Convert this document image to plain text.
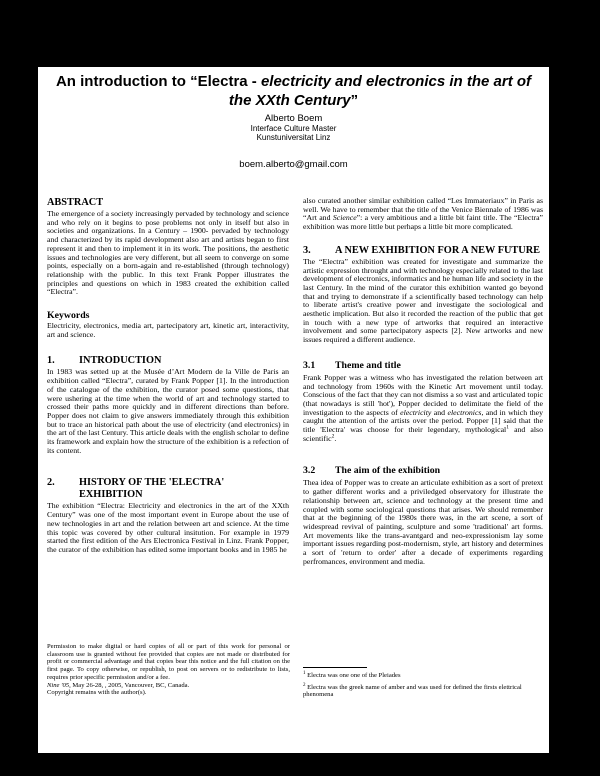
An introduction to “Electra - electricity and electronics in the art of the XXth Century”
Alberto Boem
Interface Culture Master
Kunstuniversitat Linz
boem.alberto@gmail.com
ABSTRACT

The emergence of a society increasingly pervaded by technology and science and who rely on it begins to pose problems not only in itself but also in societies and organizations. In a Century – 1900- pervaded by technology and characterized by its rapid development also art and artists began to first represent it and then to implement it in its work. The positions, the aesthetic issues and technologies are very different, but all seem to converge on some points, especially on a born-again and re-established (through technology) relationship with the public. In this text Frank Popper illustrates the principles and questions on which in 1983 created the exhibition called “Electra”.

Keywords

Electricity, electronics, media art, partecipatory art, kinetic art, interactivity, art and science.

1.	INTRODUCTION

In 1983 was setted up at the Musée d’Art Modern de la Ville de Paris an exhibition called “Electra”, curated by Frank Popper [1]. In the introduction of the catalogue of the exhibition, the curator posed some questions, that were ushering at the time when the world of art and technology started to crossed their paths more quickly and in different directions than before. Popper does not claim to give answers immediately through this exhibition but to trace an historical path about the use of electricity (and electronics) in the art of the last Century. This article deals with the english scholar to define its framework and explain how the structure of the exhibition is a refection of its content.

2.	HISTORY OF THE 'ELECTRA' EXHIBITION

The exhibition “Electra: Electricity and electronics in the art of the XXth Century” was one of the most important event in Europe about the use of new technologies in art and the relation between art and science. At the time this topic was covered by other cultural insitution. For example in 1979 started the first edition of the Ars Electronica Festival in Linz. Frank Popper, the curator of the exhibition has edited some important books and in 1985 he

also curated another similar exhibition called “Les Immateriaux” in Paris as well. We have to remember that the title of the Venice Biennale of 1986 was “Art and Science”: a very ambitious and a little bit faint title. The “Electra” exhibition was more little but perhaps a little bit more complicated.

3.	A NEW EXHIBITION FOR A NEW FUTURE

The “Electra” exhibition was created for investigate and summarize the artistic expression throught and with technology especially related to the last development of electronics, informatics and he human life and society in the last Century. In the mind of the curator this exhibition wanted go beyond that and trying to demonstrate if a scientifically based technology can help to liberate artist's creative power and investigate the sociological and aesthetic implication. But also it recorded the reaction of the public that get in touch with a new type of artworks that required an interactive involvement and some partecipatory aspects [2]. New artworks and new issues required a different audience.

3.1	Theme and title

Frank Popper was a witness who has investigated the relation between art and technology from 1960s with the Kinetic Art movement until today. Conscious of the fact that they can not dismiss a so vast and articulated topic (that nowadays is still 'hot'), Popper decided to delimitate the field of the investigation to the aspects of electricity and electronics, and in which they caught the attention of the artists over the period. Popper [1] said that the title 'Electra' was choose for their legendary, mythological$^1$ and also scientific$^2$.

3.2	The aim of the exhibition

Thea idea of Popper was to create an articulate exhibition as a sort of pretext to gather different works and a priviledged observatory for illustrate the relationship between art, science and technology at the present time and coupled with some sociological questions that arises. We should remember that at the beginning of the 1980s there was, in the art scene, a sort of widespread revival of painting, sculpture and some 'traditional' art forms. Art movements like the trans-avantgard and neo-expressionism lay some important issues regarding post-modernism, style, art history and determines a sort of 'return to order' after a decade of experiments regarding perfromances, environment and media.

Permission to make digital or hard copies of all or part of this work for personal or classroom use is granted without fee provided that copies are not made or distributed for profit or commercial advantage and that copies bear this notice and the full citation on the first page. To copy otherwise, or republish, to post on servers or to redistribute to lists, requires prior specific permission and/or a fee.

Nine '05, May 26-28, , 2005, Vancouver, BC, Canada.

Copyright remains with the author(s).

$^1$ Electra was one one of the Pleiades

$^2$ Electra was the greek name of amber and was used for defined the firsts elettrical phenomena
